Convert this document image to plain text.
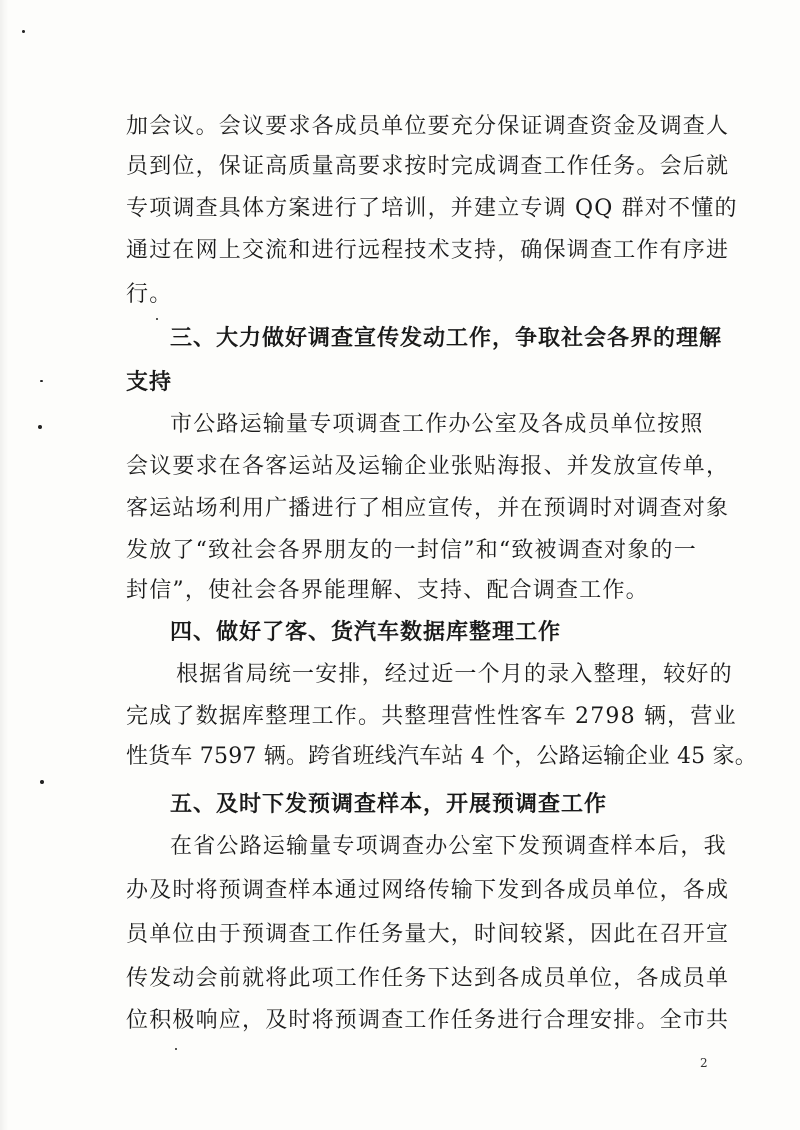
加会议。会议要求各成员单位要充分保证调查资金及调查人
员到位，保证高质量高要求按时完成调查工作任务。会后就
专项调查具体方案进行了培训，并建立专调 QQ 群对不懂的
通过在网上交流和进行远程技术支持，确保调查工作有序进
行。
三、大力做好调查宣传发动工作，争取社会各界的理解
支持
市公路运输量专项调查工作办公室及各成员单位按照
会议要求在各客运站及运输企业张贴海报、并发放宣传单，
客运站场利用广播进行了相应宣传，并在预调时对调查对象
发放了“致社会各界朋友的一封信”和“致被调查对象的一
封信”，使社会各界能理解、支持、配合调查工作。
四、做好了客、货汽车数据库整理工作
根据省局统一安排，经过近一个月的录入整理，较好的
完成了数据库整理工作。共整理营性性客车 2798 辆，营业
性货车 7597 辆。跨省班线汽车站 4 个，公路运输企业 45 家。
五、及时下发预调查样本，开展预调查工作
在省公路运输量专项调查办公室下发预调查样本后，我
办及时将预调查样本通过网络传输下发到各成员单位，各成
员单位由于预调查工作任务量大，时间较紧，因此在召开宣
传发动会前就将此项工作任务下达到各成员单位，各成员单
位积极响应，及时将预调查工作任务进行合理安排。全市共
2
